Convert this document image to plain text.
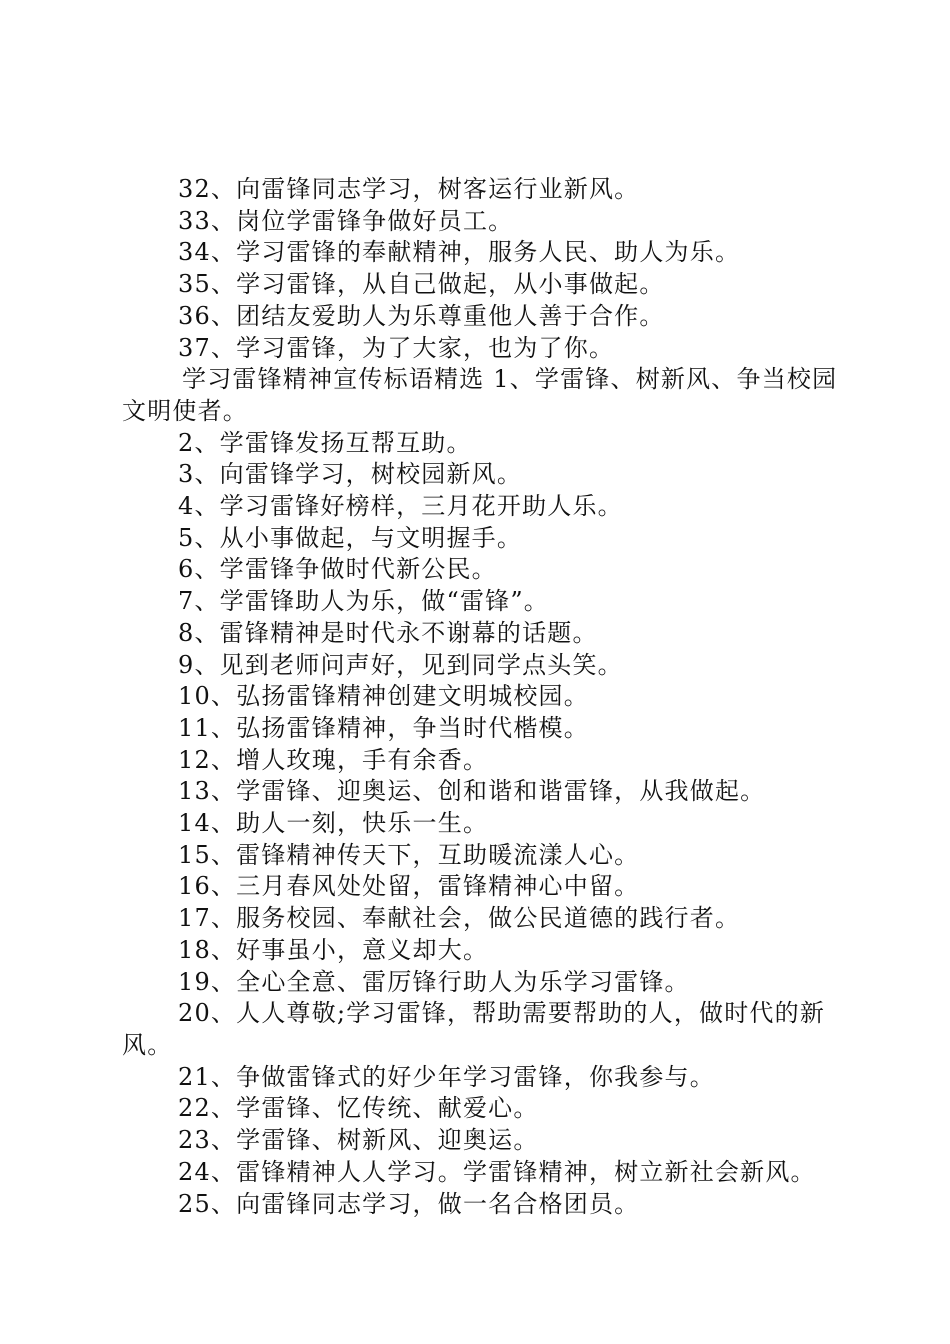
32、向雷锋同志学习，树客运行业新风。

33、岗位学雷锋争做好员工。

34、学习雷锋的奉献精神，服务人民、助人为乐。

35、学习雷锋，从自己做起，从小事做起。

36、团结友爱助人为乐尊重他人善于合作。

37、学习雷锋，为了大家，也为了你。

学习雷锋精神宣传标语精选 1、学雷锋、树新风、争当校园文明使者。

2、学雷锋发扬互帮互助。

3、向雷锋学习，树校园新风。

4、学习雷锋好榜样，三月花开助人乐。

5、从小事做起，与文明握手。

6、学雷锋争做时代新公民。

7、学雷锋助人为乐，做“雷锋”。

8、雷锋精神是时代永不谢幕的话题。

9、见到老师问声好，见到同学点头笑。

10、弘扬雷锋精神创建文明城校园。

11、弘扬雷锋精神，争当时代楷模。

12、增人玫瑰，手有余香。

13、学雷锋、迎奥运、创和谐和谐雷锋，从我做起。

14、助人一刻，快乐一生。

15、雷锋精神传天下，互助暖流漾人心。

16、三月春风处处留，雷锋精神心中留。

17、服务校园、奉献社会，做公民道德的践行者。

18、好事虽小，意义却大。

19、全心全意、雷厉锋行助人为乐学习雷锋。

20、人人尊敬;学习雷锋，帮助需要帮助的人，做时代的新风。

21、争做雷锋式的好少年学习雷锋，你我参与。

22、学雷锋、忆传统、献爱心。

23、学雷锋、树新风、迎奥运。

24、雷锋精神人人学习。学雷锋精神，树立新社会新风。

25、向雷锋同志学习，做一名合格团员。
